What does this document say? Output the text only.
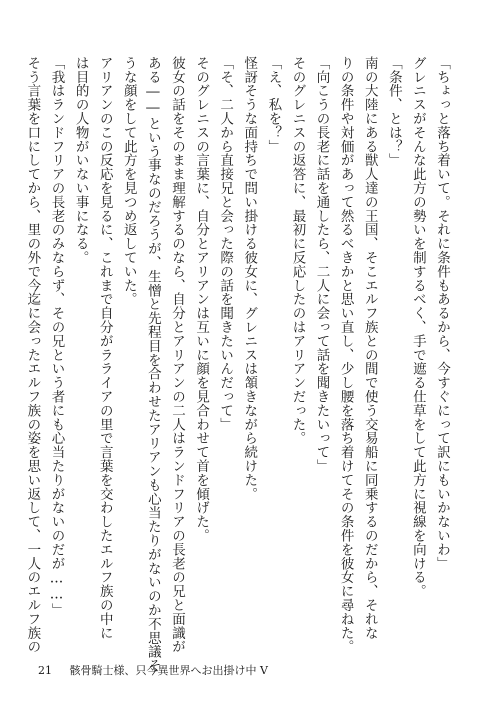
「ちょっと落ち着いて。それに条件もあるから、今すぐにって訳にもいかないわ」
グレニスがそんな此方の勢いを制するべく、手で遮る仕草をして此方に視線を向ける。
「条件、とは？」
南の大陸にある獣人達の王国、そこエルフ族との間で使う交易船に同乗するのだから、それな
りの条件や対価があって然るべきかと思い直し、少し腰を落ち着けてその条件を彼女に尋ねた。
「向こうの長老に話を通したら、二人に会って話を聞きたいって」
そのグレニスの返答に、最初に反応したのはアリアンだった。
「え、私を？」
怪訝そうな面持ちで問い掛ける彼女に、グレニスは頷きながら続けた。
「そ、二人から直接兄と会った際の話を聞きたいんだって」
そのグレニスの言葉に、自分とアリアンは互いに顔を見合わせて首を傾げた。
彼女の話をそのまま理解するのなら、自分とアリアンの二人はランドフリアの長老の兄と面識が
ある――という事なのだろうが、生憎と先程目を合わせたアリアンも心当たりがないのか不思議そ
うな顔をして此方を見つめ返していた。
アリアンのこの反応を見るに、これまで自分がラライアの里で言葉を交わしたエルフ族の中に
は目的の人物がいない事になる。
「我はランドフリアの長老のみならず、その兄という者にも心当たりがないのだが……」
そう言葉を口にしてから、里の外で今迄に会ったエルフ族の姿を思い返して、一人のエルフ族の
21 骸骨騎士様、只今異世界へお出掛け中 V
